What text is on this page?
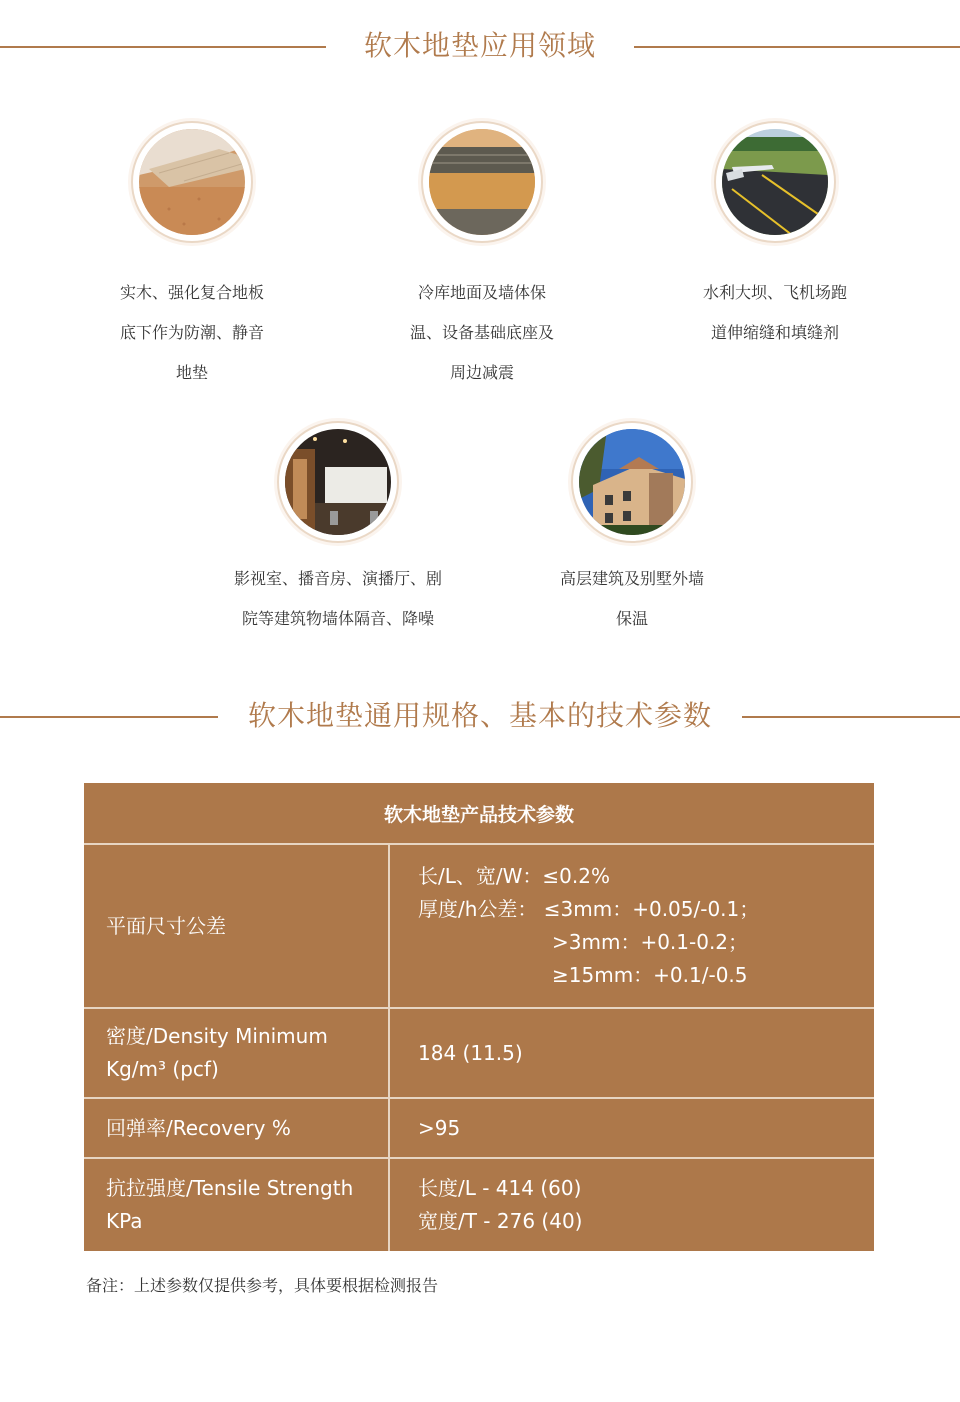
软木地垫应用领域
实木、强化复合地板
底下作为防潮、静音
地垫
冷库地面及墙体保
温、设备基础底座及
周边减震
水利大坝、飞机场跑
道伸缩缝和填缝剂
影视室、播音房、演播厅、剧
院等建筑物墙体隔音、降噪
高层建筑及别墅外墙
保温
软木地垫通用规格、基本的技术参数
软木地垫产品技术参数	
平面尺寸公差	长/L、宽/W：≤0.2%
厚度/h公差： ≤3mm：+0.05/-0.1；
>3mm：+0.1-0.2；
≥15mm：+0.1/-0.5

密度/Density Minimum
Kg/m³ (pcf)	184 (11.5)
回弹率/Recovery %	>95

抗拉强度/Tensile Strength
KPa	长度/L - 414 (60)
宽度/T - 276 (40)
备注：上述参数仅提供参考，具体要根据检测报告
